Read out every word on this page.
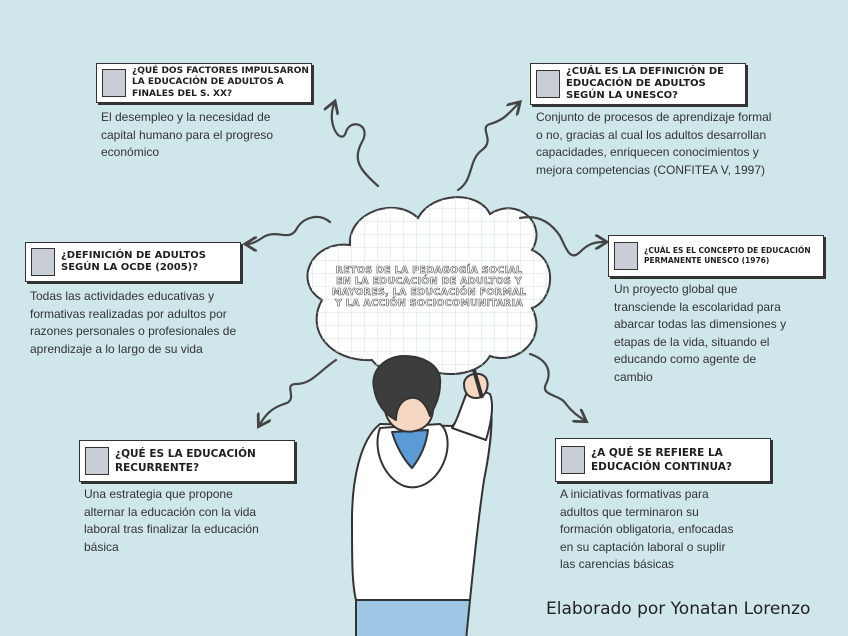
¿QUÉ DOS FACTORES IMPULSARON LA EDUCACIÓN DE ADULTOS A FINALES DEL S. XX?
El desempleo y la necesidad de capital humano para el progreso económico
¿CUÁL ES LA DEFINICIÓN DE EDUCACIÓN DE ADULTOS SEGÚN LA UNESCO?
Conjunto de procesos de aprendizaje formal o no, gracias al cual los adultos desarrollan capacidades, enriquecen conocimientos y mejora competencias (CONFITEA V, 1997)
¿DEFINICIÓN DE ADULTOS SEGÚN LA OCDE (2005)?
Todas las actividades educativas y formativas realizadas por adultos por razones personales o profesionales de aprendizaje a lo largo de su vida
¿CUÁL ES EL CONCEPTO DE EDUCACIÓN PERMANENTE UNESCO (1976)
Un proyecto global que transciende la escolaridad para abarcar todas las dimensiones y etapas de la vida, situando el educando como agente de cambio
¿QUÉ ES LA EDUCACIÓN RECURRENTE?
Una estrategia que propone alternar la educación con la vida laboral tras finalizar la educación básica
¿A QUÉ SE REFIERE LA EDUCACIÓN CONTINUA?
A iniciativas formativas para adultos que terminaron su formación obligatoria, enfocadas en su captación laboral o suplir las carencias básicas
RETOS DE LA PEDAGOGÍA SOCIAL EN LA EDUCACIÓN DE ADULTOS Y MAYORES, LA EDUCACIÓN FORMAL Y LA ACCIÓN SOCIOCOMUNITARIA
Elaborado por Yonatan Lorenzo
